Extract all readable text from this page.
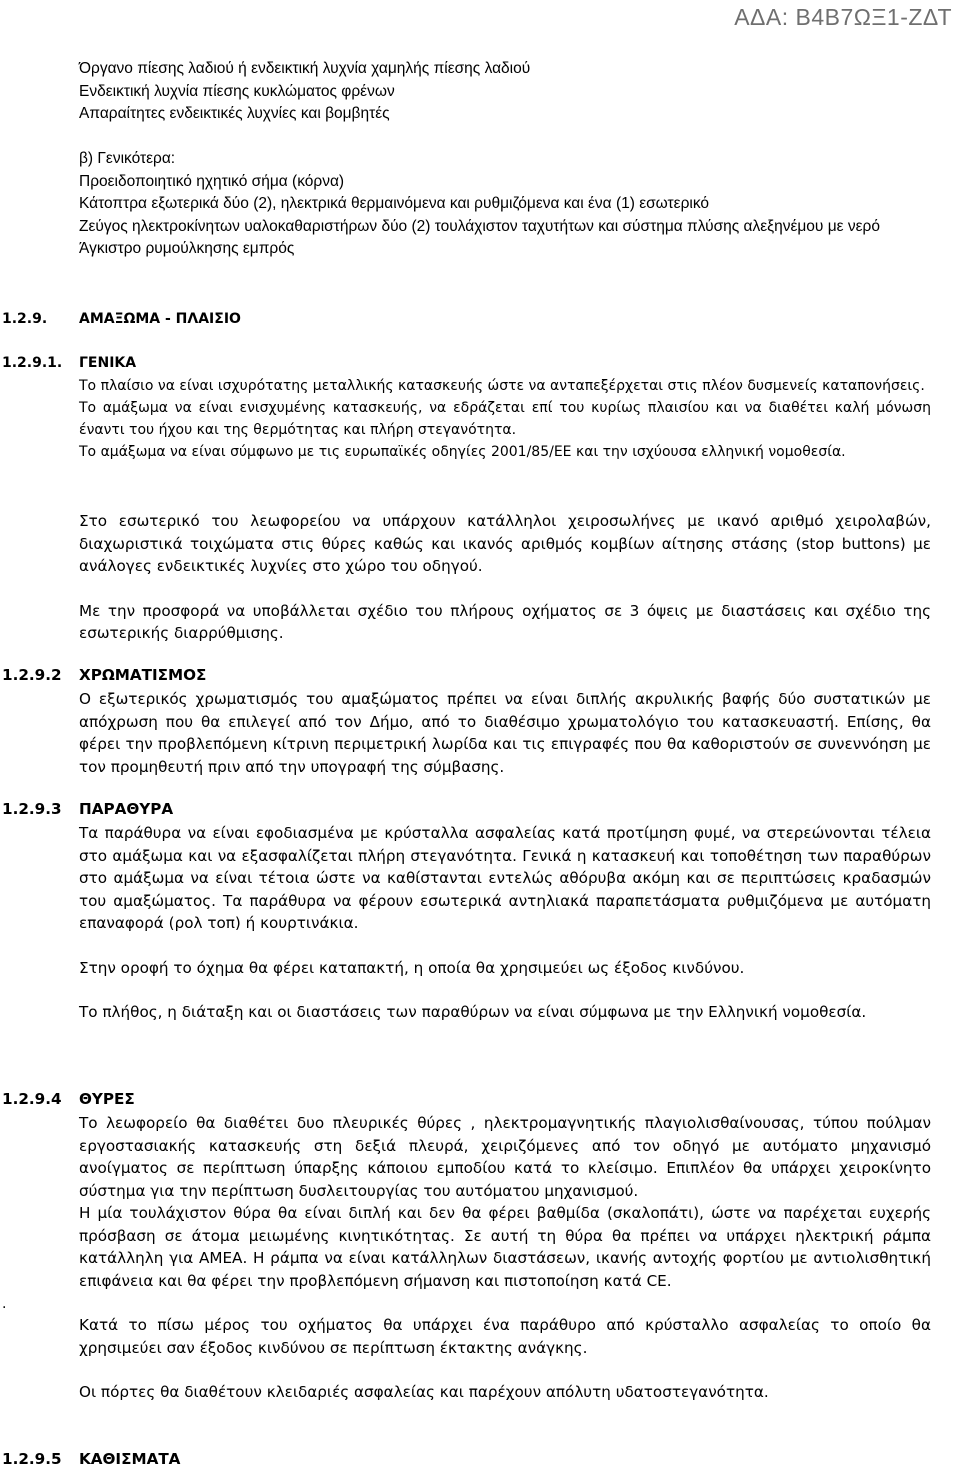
ΑΔΑ: Β4Β7ΩΞ1-ΖΔΤ

Όργανο πίεσης λαδιού ή ενδεικτική λυχνία χαμηλής πίεσης λαδιού

Ενδεικτική λυχνία πίεσης κυκλώματος φρένων

Απαραίτητες ενδεικτικές λυχνίες και βομβητές

β) Γενικότερα:

Προειδοποιητικό ηχητικό σήμα (κόρνα)

Κάτοπτρα εξωτερικά δύο (2), ηλεκτρικά θερμαινόμενα και ρυθμιζόμενα και ένα (1) εσωτερικό

Ζεύγος ηλεκτροκίνητων υαλοκαθαριστήρων δύο (2) τουλάχιστον ταχυτήτων και σύστημα πλύσης αλεξηνέμου με νερό

Άγκιστρο ρυμούλκησης εμπρός

1.2.9. ΑΜΑΞΩΜΑ - ΠΛΑΙΣΙΟ
1.2.9.1. ΓΕΝΙΚΑ

Το πλαίσιο να είναι ισχυρότατης μεταλλικής κατασκευής ώστε να ανταπεξέρχεται στις πλέον δυσμενείς καταπονήσεις.

Το αμάξωμα να είναι ενισχυμένης κατασκευής, να εδράζεται επί του κυρίως πλαισίου και να διαθέτει καλή μόνωση έναντι του ήχου και της θερμότητας και πλήρη στεγανότητα.

Το αμάξωμα να είναι σύμφωνο με τις ευρωπαϊκές οδηγίες 2001/85/ΕΕ και την ισχύουσα ελληνική νομοθεσία.

Στο εσωτερικό του λεωφορείου να υπάρχουν κατάλληλοι χειροσωλήνες με ικανό αριθμό χειρολαβών, διαχωριστικά τοιχώματα στις θύρες καθώς και ικανός αριθμός κομβίων αίτησης στάσης (stop buttons) με ανάλογες ενδεικτικές λυχνίες στο χώρο του οδηγού.

Με την προσφορά να υποβάλλεται σχέδιο του πλήρους οχήματος σε 3 όψεις με διαστάσεις και σχέδιο της εσωτερικής διαρρύθμισης.

1.2.9.2 ΧΡΩΜΑΤΙΣΜΟΣ

Ο εξωτερικός χρωματισμός του αμαξώματος πρέπει να είναι διπλής ακρυλικής βαφής δύο συστατικών με απόχρωση που θα επιλεγεί από τον Δήμο, από το διαθέσιμο χρωματολόγιο του κατασκευαστή. Επίσης, θα φέρει την προβλεπόμενη κίτρινη περιμετρική λωρίδα και τις επιγραφές που θα καθοριστούν σε συνεννόηση με τον προμηθευτή πριν από την υπογραφή της σύμβασης.

1.2.9.3 ΠΑΡΑΘΥΡΑ

Τα παράθυρα να είναι εφοδιασμένα με κρύσταλλα ασφαλείας κατά προτίμηση φυμέ, να στερεώνονται τέλεια στο αμάξωμα και να εξασφαλίζεται πλήρη στεγανότητα. Γενικά η κατασκευή και τοποθέτηση των παραθύρων στο αμάξωμα να είναι τέτοια ώστε να καθίστανται εντελώς αθόρυβα ακόμη και σε περιπτώσεις κραδασμών του αμαξώματος. Τα παράθυρα να φέρουν εσωτερικά αντηλιακά παραπετάσματα ρυθμιζόμενα με αυτόματη επαναφορά (ρολ τοπ) ή κουρτινάκια.

Στην οροφή το όχημα θα φέρει καταπακτή, η οποία θα χρησιμεύει ως έξοδος κινδύνου.

Το πλήθος, η διάταξη και οι διαστάσεις των παραθύρων να είναι σύμφωνα με την Ελληνική νομοθεσία.

1.2.9.4 ΘΥΡΕΣ

Το λεωφορείο θα διαθέτει δυο πλευρικές θύρες , ηλεκτρομαγνητικής πλαγιολισθαίνουσας, τύπου πούλμαν εργοστασιακής κατασκευής στη δεξιά πλευρά, χειριζόμενες από τον οδηγό με αυτόματο μηχανισμό ανοίγματος σε περίπτωση ύπαρξης κάποιου εμποδίου κατά το κλείσιμο. Επιπλέον θα υπάρχει χειροκίνητο σύστημα για την περίπτωση δυσλειτουργίας του αυτόματου μηχανισμού.

Η μία τουλάχιστον θύρα θα είναι διπλή και δεν θα φέρει βαθμίδα (σκαλοπάτι), ώστε να παρέχεται ευχερής πρόσβαση σε άτομα μειωμένης κινητικότητας. Σε αυτή τη θύρα θα πρέπει να υπάρχει ηλεκτρική ράμπα κατάλληλη για ΑΜΕΑ. Η ράμπα να είναι κατάλληλων διαστάσεων, ικανής αντοχής φορτίου με αντιολισθητική επιφάνεια και θα φέρει την προβλεπόμενη σήμανση και πιστοποίηση κατά CE.

Κατά το πίσω μέρος του οχήματος θα υπάρχει ένα παράθυρο από κρύσταλλο ασφαλείας το οποίο θα χρησιμεύει σαν έξοδος κινδύνου σε περίπτωση έκτακτης ανάγκης.

Οι πόρτες θα διαθέτουν κλειδαριές ασφαλείας και παρέχουν απόλυτη υδατοστεγανότητα.

.
1.2.9.5 ΚΑΘΙΣΜΑΤΑ
